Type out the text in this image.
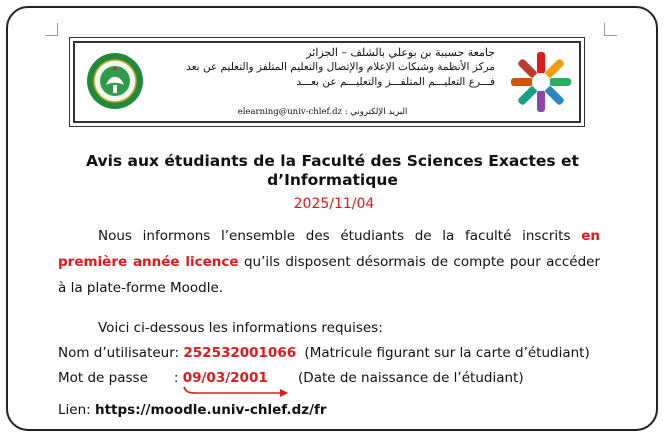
جامعة حسيبة بن بوعلي بالشلف – الجزائر
مركز الأنظمة وشبكات الإعلام والإتصال والتعليم المتلفز والتعليم عن بعد
فـــرع التعليـــم المتلفـــز والتعليـــم عن بعـــد
elearning@univ-chlef.dz البريد الإلكتروني :
Avis aux étudiants de la Faculté des Sciences Exactes et d’Informatique
2025/11/04
Nous informons l’ensemble des étudiants de la faculté inscrits en première année licence qu’ils disposent désormais de compte pour accéder à la plate-forme Moodle.
Voici ci-dessous les informations requises:
Nom d’utilisateur: 252532001066 (Matricule figurant sur la carte d’étudiant)
Mot de passe : 09/03/2001 (Date de naissance de l’étudiant)
Lien: https://moodle.univ-chlef.dz/fr
